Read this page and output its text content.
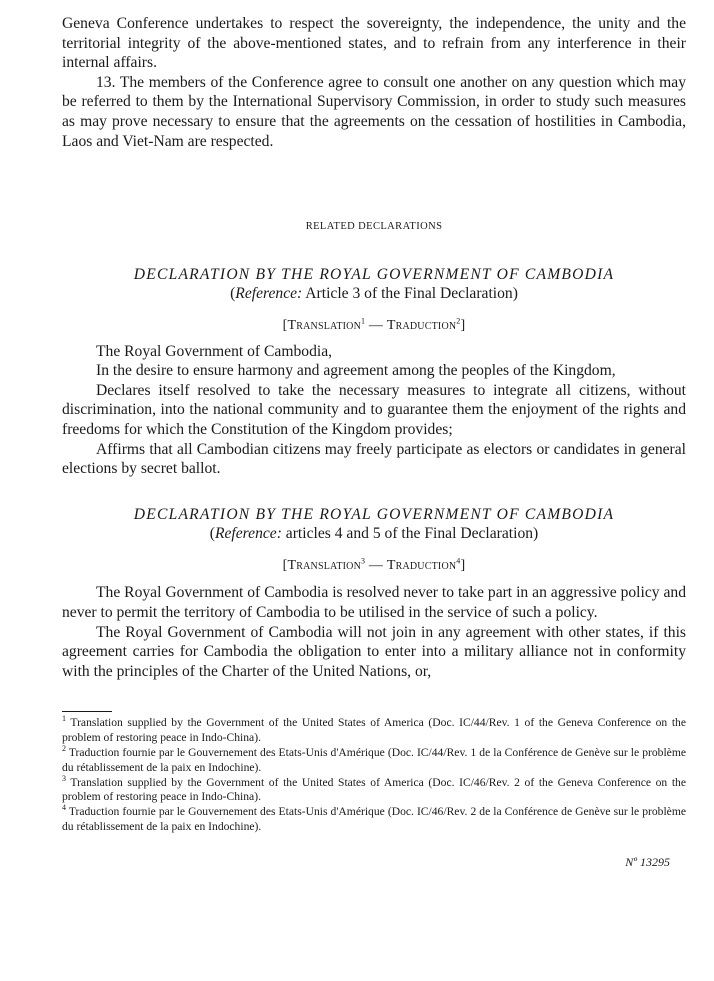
Geneva Conference undertakes to respect the sovereignty, the independence, the unity and the territorial integrity of the above-mentioned states, and to refrain from any interference in their internal affairs.

13. The members of the Conference agree to consult one another on any question which may be referred to them by the International Supervisory Commission, in order to study such measures as may prove necessary to ensure that the agreements on the cessation of hostilities in Cambodia, Laos and Viet-Nam are respected.

RELATED DECLARATIONS

DECLARATION BY THE ROYAL GOVERNMENT OF CAMBODIA

(Reference: Article 3 of the Final Declaration)

[Translation$^1$ — Traduction$^2$]

The Royal Government of Cambodia,

In the desire to ensure harmony and agreement among the peoples of the Kingdom,

Declares itself resolved to take the necessary measures to integrate all citizens, without discrimination, into the national community and to guarantee them the enjoyment of the rights and freedoms for which the Constitution of the Kingdom provides;

Affirms that all Cambodian citizens may freely participate as electors or candidates in general elections by secret ballot.

DECLARATION BY THE ROYAL GOVERNMENT OF CAMBODIA

(Reference: articles 4 and 5 of the Final Declaration)

[Translation$^3$ — Traduction$^4$]

The Royal Government of Cambodia is resolved never to take part in an aggressive policy and never to permit the territory of Cambodia to be utilised in the service of such a policy.

The Royal Government of Cambodia will not join in any agreement with other states, if this agreement carries for Cambodia the obligation to enter into a military alliance not in conformity with the principles of the Charter of the United Nations, or,

$^1$ Translation supplied by the Government of the United States of America (Doc. IC/44/Rev. 1 of the Geneva Conference on the problem of restoring peace in Indo-China).

$^2$ Traduction fournie par le Gouvernement des Etats-Unis d'Amérique (Doc. IC/44/Rev. 1 de la Conférence de Genève sur le problème du rétablissement de la paix en Indochine).

$^3$ Translation supplied by the Government of the United States of America (Doc. IC/46/Rev. 2 of the Geneva Conference on the problem of restoring peace in Indo-China).

$^4$ Traduction fournie par le Gouvernement des Etats-Unis d'Amérique (Doc. IC/46/Rev. 2 de la Conférence de Genève sur le problème du rétablissement de la paix en Indochine).

Nº 13295
